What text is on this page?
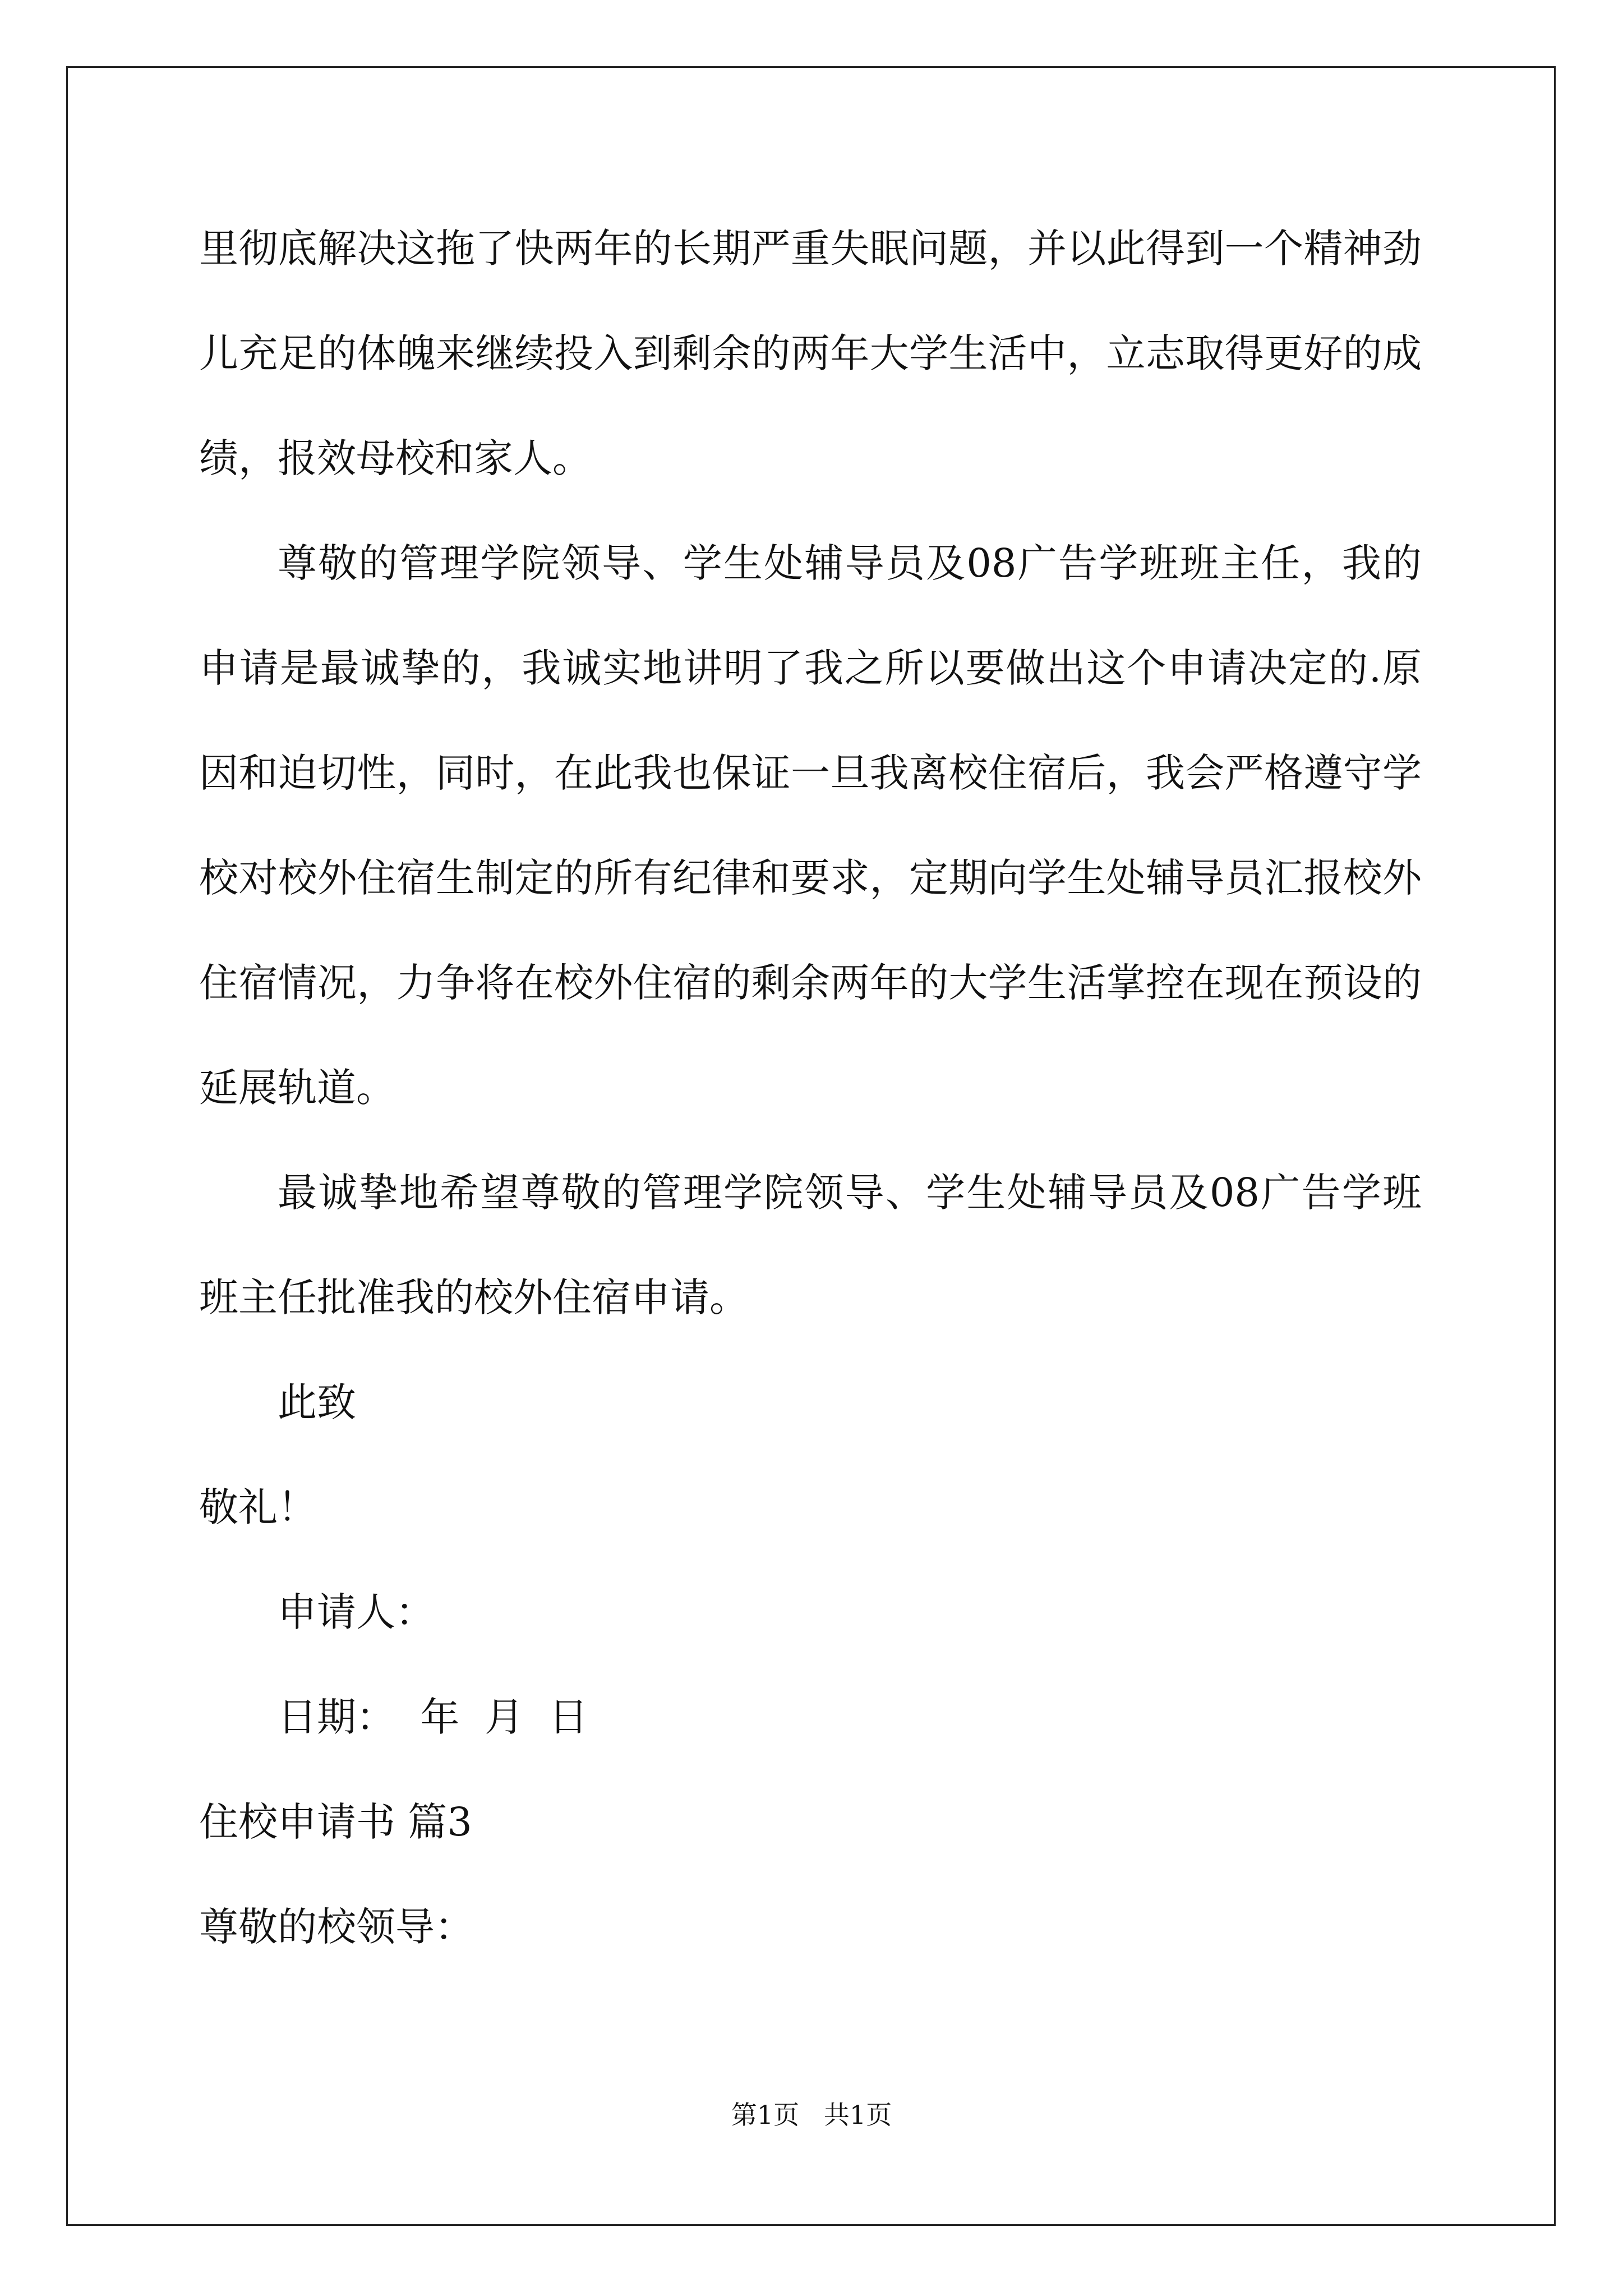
里彻底解决这拖了快两年的长期严重失眠问题，并以此得到一个精神劲儿充足的体魄来继续投入到剩余的两年大学生活中，立志取得更好的成绩，报效母校和家人。

尊敬的管理学院领导、学生处辅导员及08广告学班班主任，我的申请是最诚挚的，我诚实地讲明了我之所以要做出这个申请决定的.原因和迫切性，同时，在此我也保证一旦我离校住宿后，我会严格遵守学校对校外住宿生制定的所有纪律和要求，定期向学生处辅导员汇报校外住宿情况，力争将在校外住宿的剩余两年的大学生活掌控在现在预设的延展轨道。

最诚挚地希望尊敬的管理学院领导、学生处辅导员及08广告学班班主任批准我的校外住宿申请。

此致

敬礼！

申请人：

日期：  年  月  日

住校申请书 篇3

尊敬的校领导：

第1页   共1页
